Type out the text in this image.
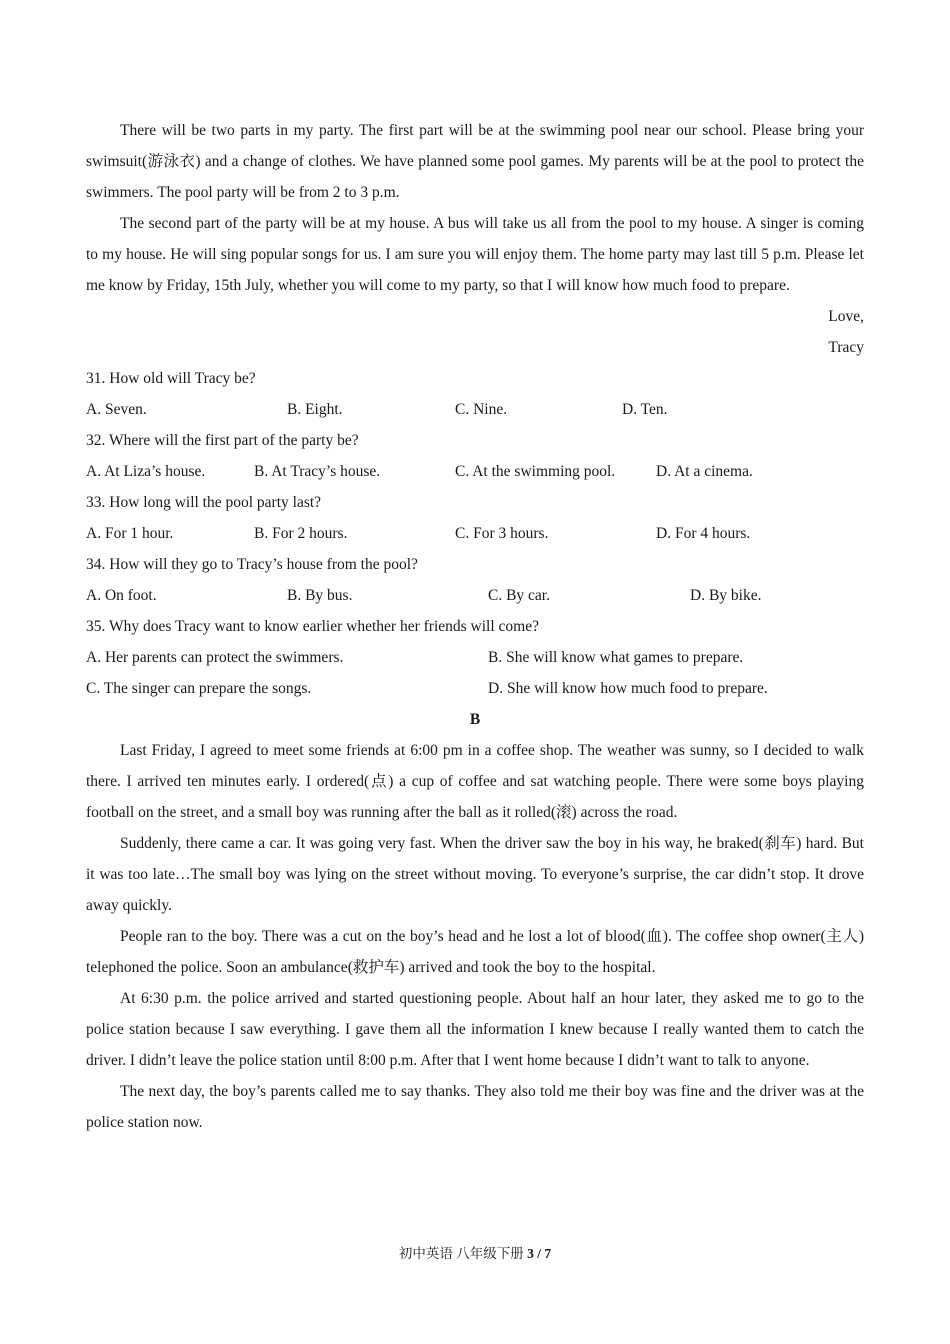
There will be two parts in my party. The first part will be at the swimming pool near our school. Please bring your swimsuit(游泳衣) and a change of clothes. We have planned some pool games. My parents will be at the pool to protect the swimmers. The pool party will be from 2 to 3 p.m.

The second part of the party will be at my house. A bus will take us all from the pool to my house. A singer is coming to my house. He will sing popular songs for us. I am sure you will enjoy them. The home party may last till 5 p.m. Please let me know by Friday, 15th July, whether you will come to my party, so that I will know how much food to prepare.

Love,

Tracy

31. How old will Tracy be?

A. Seven.	B. Eight.	C. Nine.	D. Ten.

32. Where will the first part of the party be?

A. At Liza’s house.	B. At Tracy’s house.	C. At the swimming pool.	D. At a cinema.

33. How long will the pool party last?

A. For 1 hour.	B. For 2 hours.	C. For 3 hours.	D. For 4 hours.

34. How will they go to Tracy’s house from the pool?

A. On foot.	B. By bus.	C. By car.	D. By bike.

35. Why does Tracy want to know earlier whether her friends will come?

A. Her parents can protect the swimmers.	B. She will know what games to prepare.
C. The singer can prepare the songs.	D. She will know how much food to prepare.

B

Last Friday, I agreed to meet some friends at 6:00 pm in a coffee shop. The weather was sunny, so I decided to walk there. I arrived ten minutes early. I ordered(点) a cup of coffee and sat watching people. There were some boys playing football on the street, and a small boy was running after the ball as it rolled(滚) across the road.

Suddenly, there came a car. It was going very fast. When the driver saw the boy in his way, he braked(刹车) hard. But it was too late…The small boy was lying on the street without moving. To everyone’s surprise, the car didn’t stop. It drove away quickly.

People ran to the boy. There was a cut on the boy’s head and he lost a lot of blood(血). The coffee shop owner(主人) telephoned the police. Soon an ambulance(救护车) arrived and took the boy to the hospital.

At 6:30 p.m. the police arrived and started questioning people. About half an hour later, they asked me to go to the police station because I saw everything. I gave them all the information I knew because I really wanted them to catch the driver. I didn’t leave the police station until 8:00 p.m. After that I went home because I didn’t want to talk to anyone.

The next day, the boy’s parents called me to say thanks. They also told me their boy was fine and the driver was at the police station now.

初中英语 八年级下册 3 / 7
